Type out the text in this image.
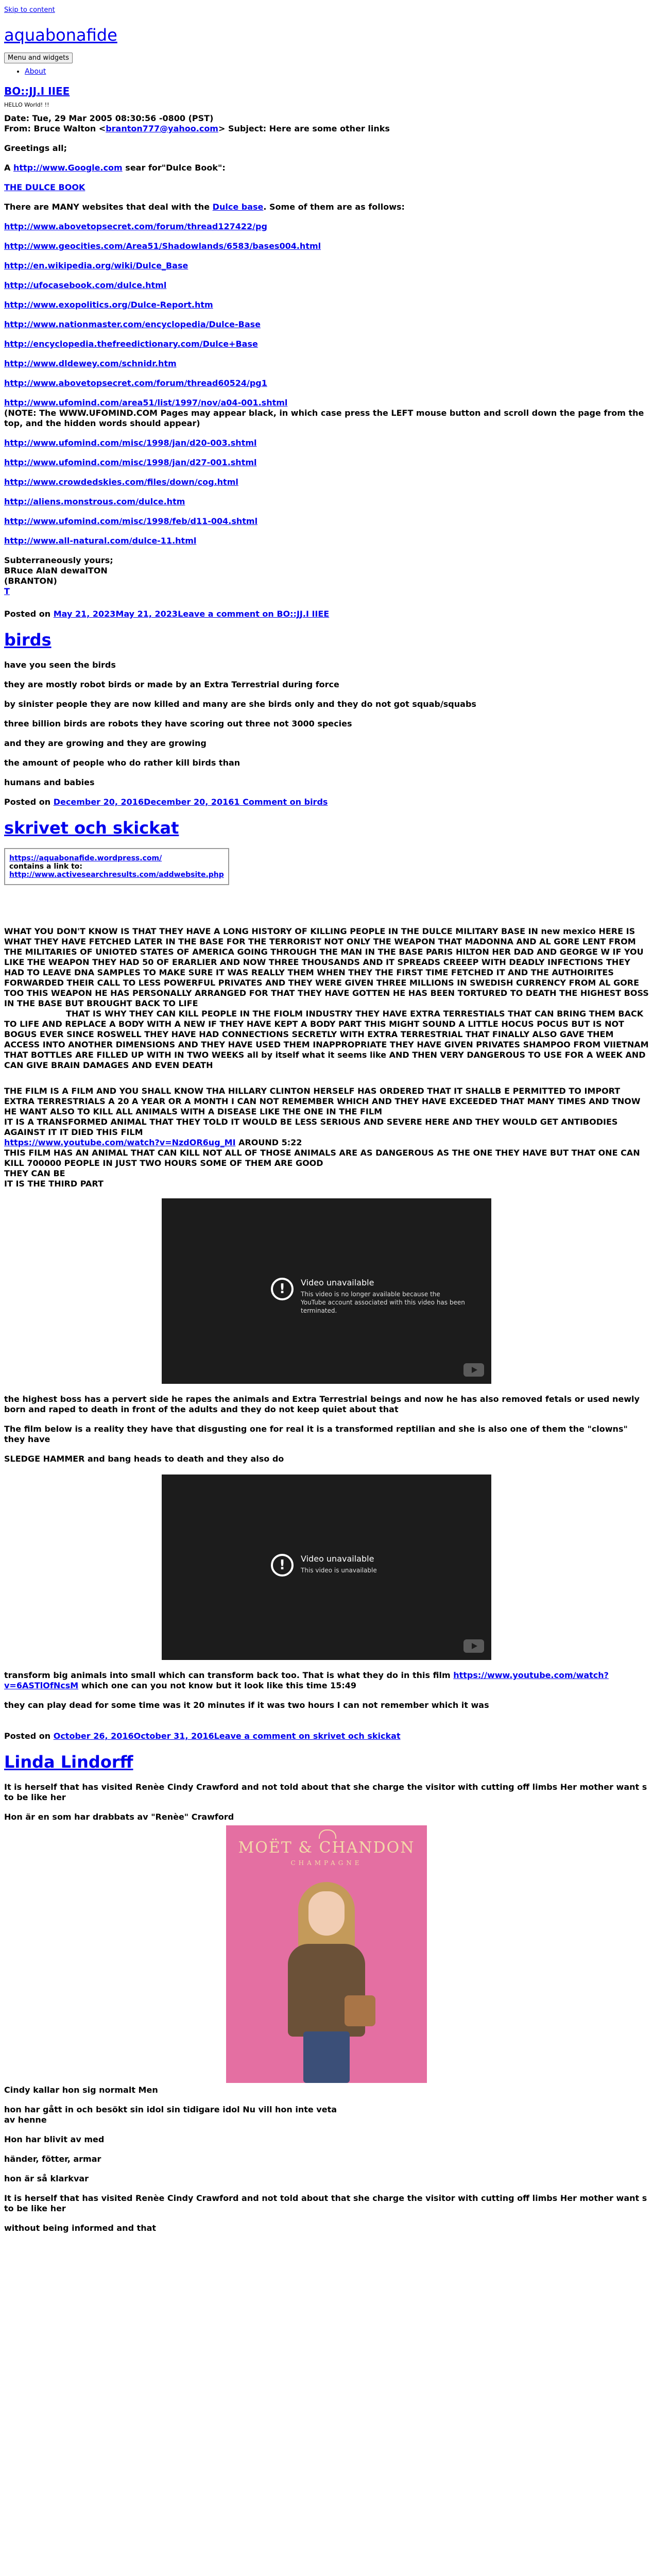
Skip to content
aquabonafide
Menu and widgets
• About
BO::JJ.I IIEE
HELLO World! !!

Date: Tue, 29 Mar 2005 08:30:56 -0800 (PST)

From: Bruce Walton <branton777@yahoo.com> Subject: Here are some other links

Greetings all;

A http://www.Google.com sear for"Dulce Book":

THE DULCE BOOK

There are MANY websites that deal with the Dulce base. Some of them are as follows:

http://www.abovetopsecret.com/forum/thread127422/pg

http://www.geocities.com/Area51/Shadowlands/6583/bases004.html

http://en.wikipedia.org/wiki/Dulce_Base

http://ufocasebook.com/dulce.html

http://www.exopolitics.org/Dulce-Report.htm

http://www.nationmaster.com/encyclopedia/Dulce-Base

http://encyclopedia.thefreedictionary.com/Dulce+Base

http://www.dldewey.com/schnidr.htm

http://www.abovetopsecret.com/forum/thread60524/pg1

http://www.ufomind.com/area51/list/1997/nov/a04-001.shtml

(NOTE: The WWW.UFOMIND.COM Pages may appear black, in which case press the LEFT mouse button and scroll down the page from the top, and the hidden words should appear)

http://www.ufomind.com/misc/1998/jan/d20-003.shtml

http://www.ufomind.com/misc/1998/jan/d27-001.shtml

http://www.crowdedskies.com/files/down/cog.html

http://aliens.monstrous.com/dulce.htm

http://www.ufomind.com/misc/1998/feb/d11-004.shtml

http://www.all-natural.com/dulce-11.html

Subterraneously yours;

BRuce AlaN dewalTON

(BRANTON)

T

Posted on May 21, 2023May 21, 2023Leave a comment on BO::JJ.I IIEE
birds

have you seen the birds

they are mostly robot birds or made by an Extra Terrestrial during force

by sinister people they are now killed and many are she birds only and they do not got squab/squabs

three billion birds are robots they have scoring out three not 3000 species

and they are growing and they are growing

the amount of people who do rather kill birds than

humans and babies

Posted on December 20, 2016December 20, 20161 Comment on birds
skrivet och skickat
https://aquabonafide.wordpress.com/
contains a link to:
http://www.activesearchresults.com/addwebsite.php
WHAT YOU DON'T KNOW IS THAT THEY HAVE A LONG HISTORY OF KILLING PEOPLE IN THE DULCE MILITARY BASE IN new mexico HERE IS WHAT THEY HAVE FETCHED LATER IN THE BASE FOR THE TERRORIST NOT ONLY THE WEAPON THAT MADONNA AND AL GORE LENT FROM THE MILITARIES OF UNIOTED STATES OF AMERICA GOING THROUGH THE MAN IN THE BASE PARIS HILTON HER DAD AND GEORGE W IF YOU LIKE THE WEAPON THEY HAD 50 OF ERARLIER AND NOW THREE THOUSANDS AND IT SPREADS CREEEP WITH DEADLY INFECTIONS THEY HAD TO LEAVE DNA SAMPLES TO MAKE SURE IT WAS REALLY THEM WHEN THEY THE FIRST TIME FETCHED IT AND THE AUTHOIRITES FORWARDED THEIR CALL TO LESS POWERFUL PRIVATES AND THEY WERE GIVEN THREE MILLIONS IN SWEDISH CURRENCY FROM AL GORE TOO THIS WEAPON HE HAS PERSONALLY ARRANGED FOR THAT THEY HAVE GOTTEN HE HAS BEEN TORTURED TO DEATH THE HIGHEST BOSS IN THE BASE BUT BROUGHT BACK TO LIFE
THAT IS WHY THEY CAN KILL PEOPLE IN THE FIOLM INDUSTRY THEY HAVE EXTRA TERRESTIALS THAT CAN BRING THEM BACK TO LIFE AND REPLACE A BODY WITH A NEW IF THEY HAVE KEPT A BODY PART THIS MIGHT SOUND A LITTLE HOCUS POCUS BUT IS NOT BOGUS EVER SINCE ROSWELL THEY HAVE HAD CONNECTIONS SECRETLY WITH EXTRA TERRESTRIAL THAT FINALLY ALSO GAVE THEM ACCESS INTO ANOTHER DIMENSIONS AND THEY HAVE USED THEM INAPPROPRIATE THEY HAVE GIVEN PRIVATES SHAMPOO FROM VIIETNAM THAT BOTTLES ARE FILLED UP WITH IN TWO WEEKS all by itself what it seems like AND THEN VERY DANGEROUS TO USE FOR A WEEK AND CAN GIVE BRAIN DAMAGES AND EVEN DEATH
THE FILM IS A FILM AND YOU SHALL KNOW THA HILLARY CLINTON HERSELF HAS ORDERED THAT IT SHALLB E PERMITTED TO IMPORT EXTRA TERRESTRIALS A 20 A YEAR OR A MONTH I CAN NOT REMEMBER WHICH AND THEY HAVE EXCEEDED THAT MANY TIMES AND TNOW HE WANT ALSO TO KILL ALL ANIMALS WITH A DISEASE LIKE THE ONE IN THE FILM
IT IS A TRANSFORMED ANIMAL THAT THEY TOLD IT WOULD BE LESS SERIOUS AND SEVERE HERE AND THEY WOULD GET ANTIBODIES AGAINST IT IT DIED THIS FILM
https://www.youtube.com/watch?v=NzdOR6ug_MI AROUND 5:22
THIS FILM HAS AN ANIMAL THAT CAN KILL NOT ALL OF THOSE ANIMALS ARE AS DANGEROUS AS THE ONE THEY HAVE BUT THAT ONE CAN KILL 700000 PEOPLE IN JUST TWO HOURS SOME OF THEM ARE GOOD
THEY CAN BE
IT IS THE THIRD PART
!	Video unavailable
This video is no longer available because the YouTube account associated with this video has been terminated.

the highest boss has a pervert side he rapes the animals and Extra Terrestrial beings and now he has also removed fetals or used newly born and raped to death in front of the adults and they do not keep quiet about that

The film below is a reality they have that disgusting one for real it is a transformed reptilian and she is also one of them the "clowns" they have

SLEDGE HAMMER and bang heads to death and they also do

!	Video unavailable
This video is unavailable

transform big animals into small which can transform back too. That is what they do in this film https://www.youtube.com/watch?v=6ASTlOfNcsM which one can you not know but it look like this time 15:49

they can play dead for some time was it 20 minutes if it was two hours I can not remember which it was

Posted on October 26, 2016October 31, 2016Leave a comment on skrivet och skickat
Linda Lindorff

It is herself that has visited Renèe Cindy Crawford and not told about that she charge the visitor with cutting off limbs Her mother want s to be like her

Hon är en som har drabbats av "Renèe" Crawford

MOËT & CHANDON
CHAMPAGNE

Cindy kallar hon sig normalt Men

hon har gått in och besökt sin idol sin tidigare idol Nu vill hon inte veta

av henne

Hon har blivit av med

händer, fötter, armar

hon är så klarkvar

It is herself that has visited Renèe Cindy Crawford and not told about that she charge the visitor with cutting off limbs Her mother want s to be like her

without being informed and that
